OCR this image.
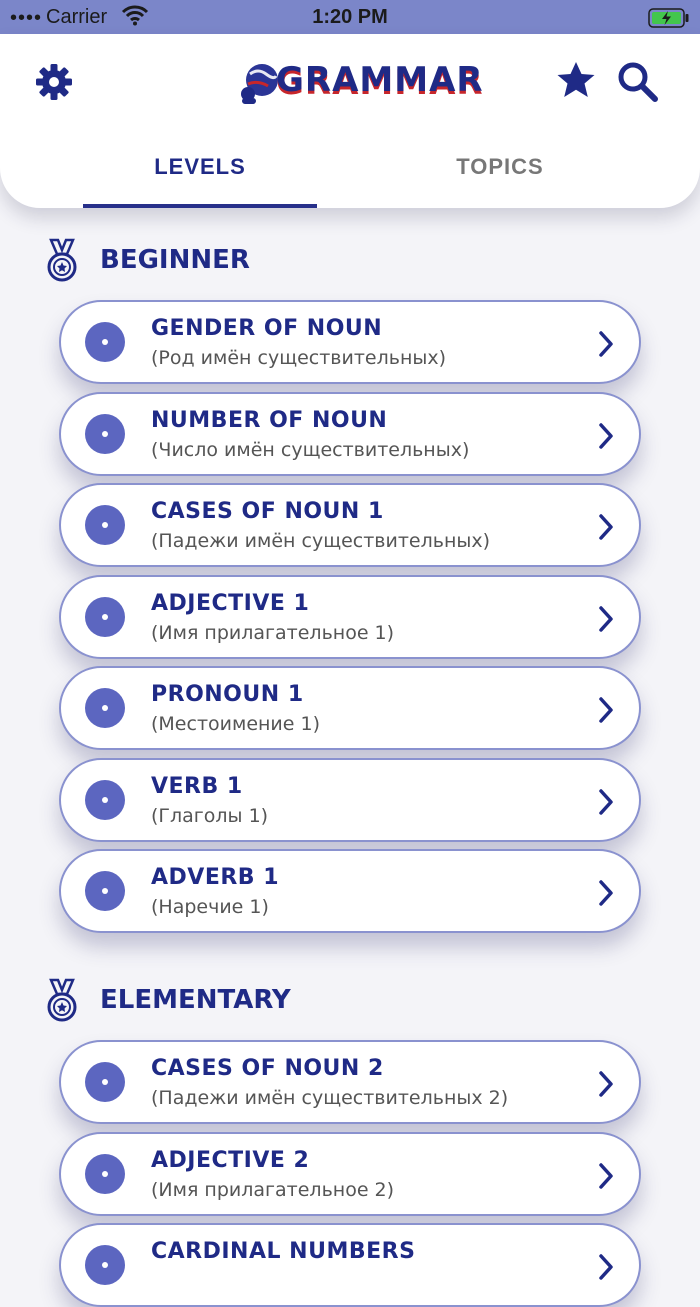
•••• Carrier	1:20 PM
GRAMMAR
LEVELS	TOPICS
BEGINNER
GENDER OF NOUN
(Род имён существительных)
NUMBER OF NOUN
(Число имён существительных)
CASES OF NOUN 1
(Падежи имён существительных)
ADJECTIVE 1
(Имя прилагательное 1)
PRONOUN 1
(Местоимение 1)
VERB 1
(Глаголы 1)
ADVERB 1
(Наречие 1)
ELEMENTARY
CASES OF NOUN 2
(Падежи имён существительных 2)
ADJECTIVE 2
(Имя прилагательное 2)
CARDINAL NUMBERS
